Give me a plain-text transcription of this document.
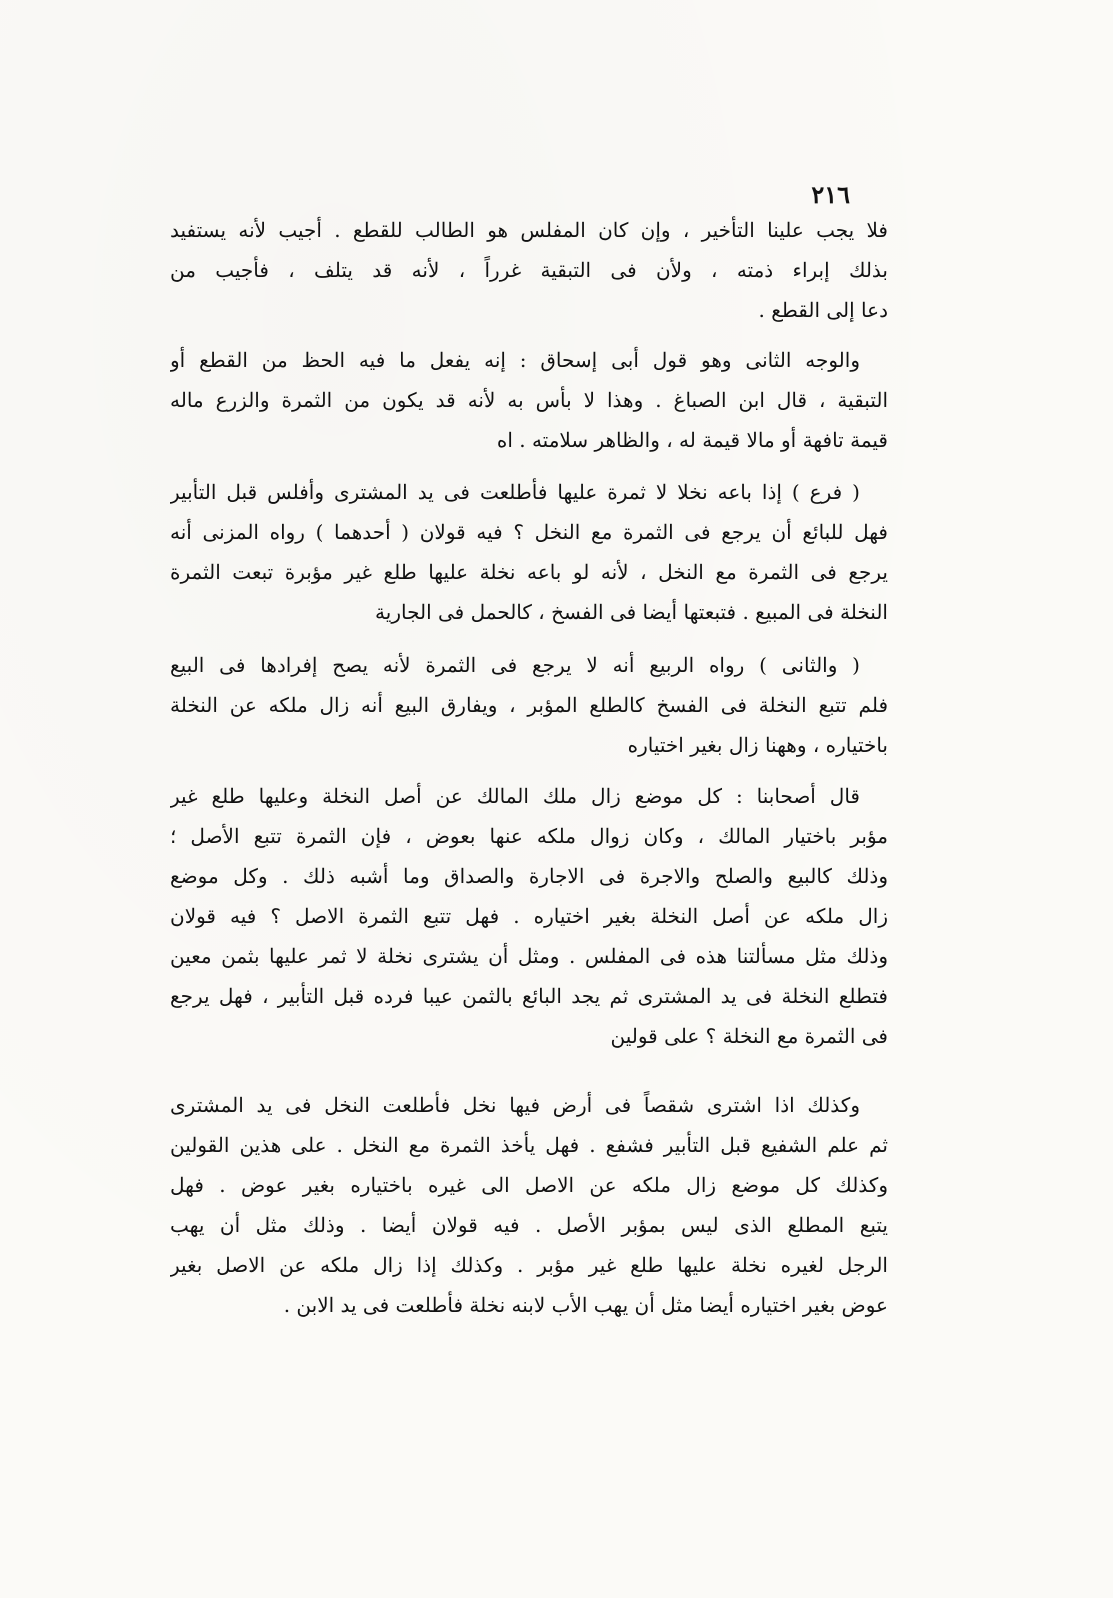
٢١٦
فلا يجب علينا التأخير ، وإن كان المفلس هو الطالب للقطع . أجيب لأنه يستفيد
بذلك إبراء ذمته ، ولأن فى التبقية غرراً ، لأنه قد يتلف ، فأجيب من
دعا إلى القطع .
والوجه الثانى وهو قول أبى إسحاق : إنه يفعل ما فيه الحظ من القطع أو
التبقية ، قال ابن الصباغ . وهذا لا بأس به لأنه قد يكون من الثمرة والزرع ماله
قيمة تافهة أو مالا قيمة له ، والظاهر سلامته . اه
( فرع ) إذا باعه نخلا لا ثمرة عليها فأطلعت فى يد المشترى وأفلس قبل التأبير
فهل للبائع أن يرجع فى الثمرة مع النخل ؟ فيه قولان ( أحدهما ) رواه المزنى أنه
يرجع فى الثمرة مع النخل ، لأنه لو باعه نخلة عليها طلع غير مؤبرة تبعت الثمرة
النخلة فى المبيع . فتبعتها أيضا فى الفسخ ، كالحمل فى الجارية
( والثانى ) رواه الربيع أنه لا يرجع فى الثمرة لأنه يصح إفرادها فى البيع
فلم تتبع النخلة فى الفسخ كالطلع المؤبر ، ويفارق البيع أنه زال ملكه عن النخلة
باختياره ، وههنا زال بغير اختياره
قال أصحابنا : كل موضع زال ملك المالك عن أصل النخلة وعليها طلع غير
مؤبر باختيار المالك ، وكان زوال ملكه عنها بعوض ، فإن الثمرة تتبع الأصل ؛
وذلك كالبيع والصلح والاجرة فى الاجارة والصداق وما أشبه ذلك . وكل موضع
زال ملكه عن أصل النخلة بغير اختياره . فهل تتبع الثمرة الاصل ؟ فيه قولان
وذلك مثل مسألتنا هذه فى المفلس . ومثل أن يشترى نخلة لا ثمر عليها بثمن معين
فتطلع النخلة فى يد المشترى ثم يجد البائع بالثمن عيبا فرده قبل التأبير ، فهل يرجع
فى الثمرة مع النخلة ؟ على قولين
وكذلك اذا اشترى شقصاً فى أرض فيها نخل فأطلعت النخل فى يد المشترى
ثم علم الشفيع قبل التأبير فشفع . فهل يأخذ الثمرة مع النخل . على هذين القولين
وكذلك كل موضع زال ملكه عن الاصل الى غيره باختياره بغير عوض . فهل
يتبع المطلع الذى ليس بمؤبر الأصل . فيه قولان أيضا . وذلك مثل أن يهب
الرجل لغيره نخلة عليها طلع غير مؤبر . وكذلك إذا زال ملكه عن الاصل بغير
عوض بغير اختياره أيضا مثل أن يهب الأب لابنه نخلة فأطلعت فى يد الابن .
